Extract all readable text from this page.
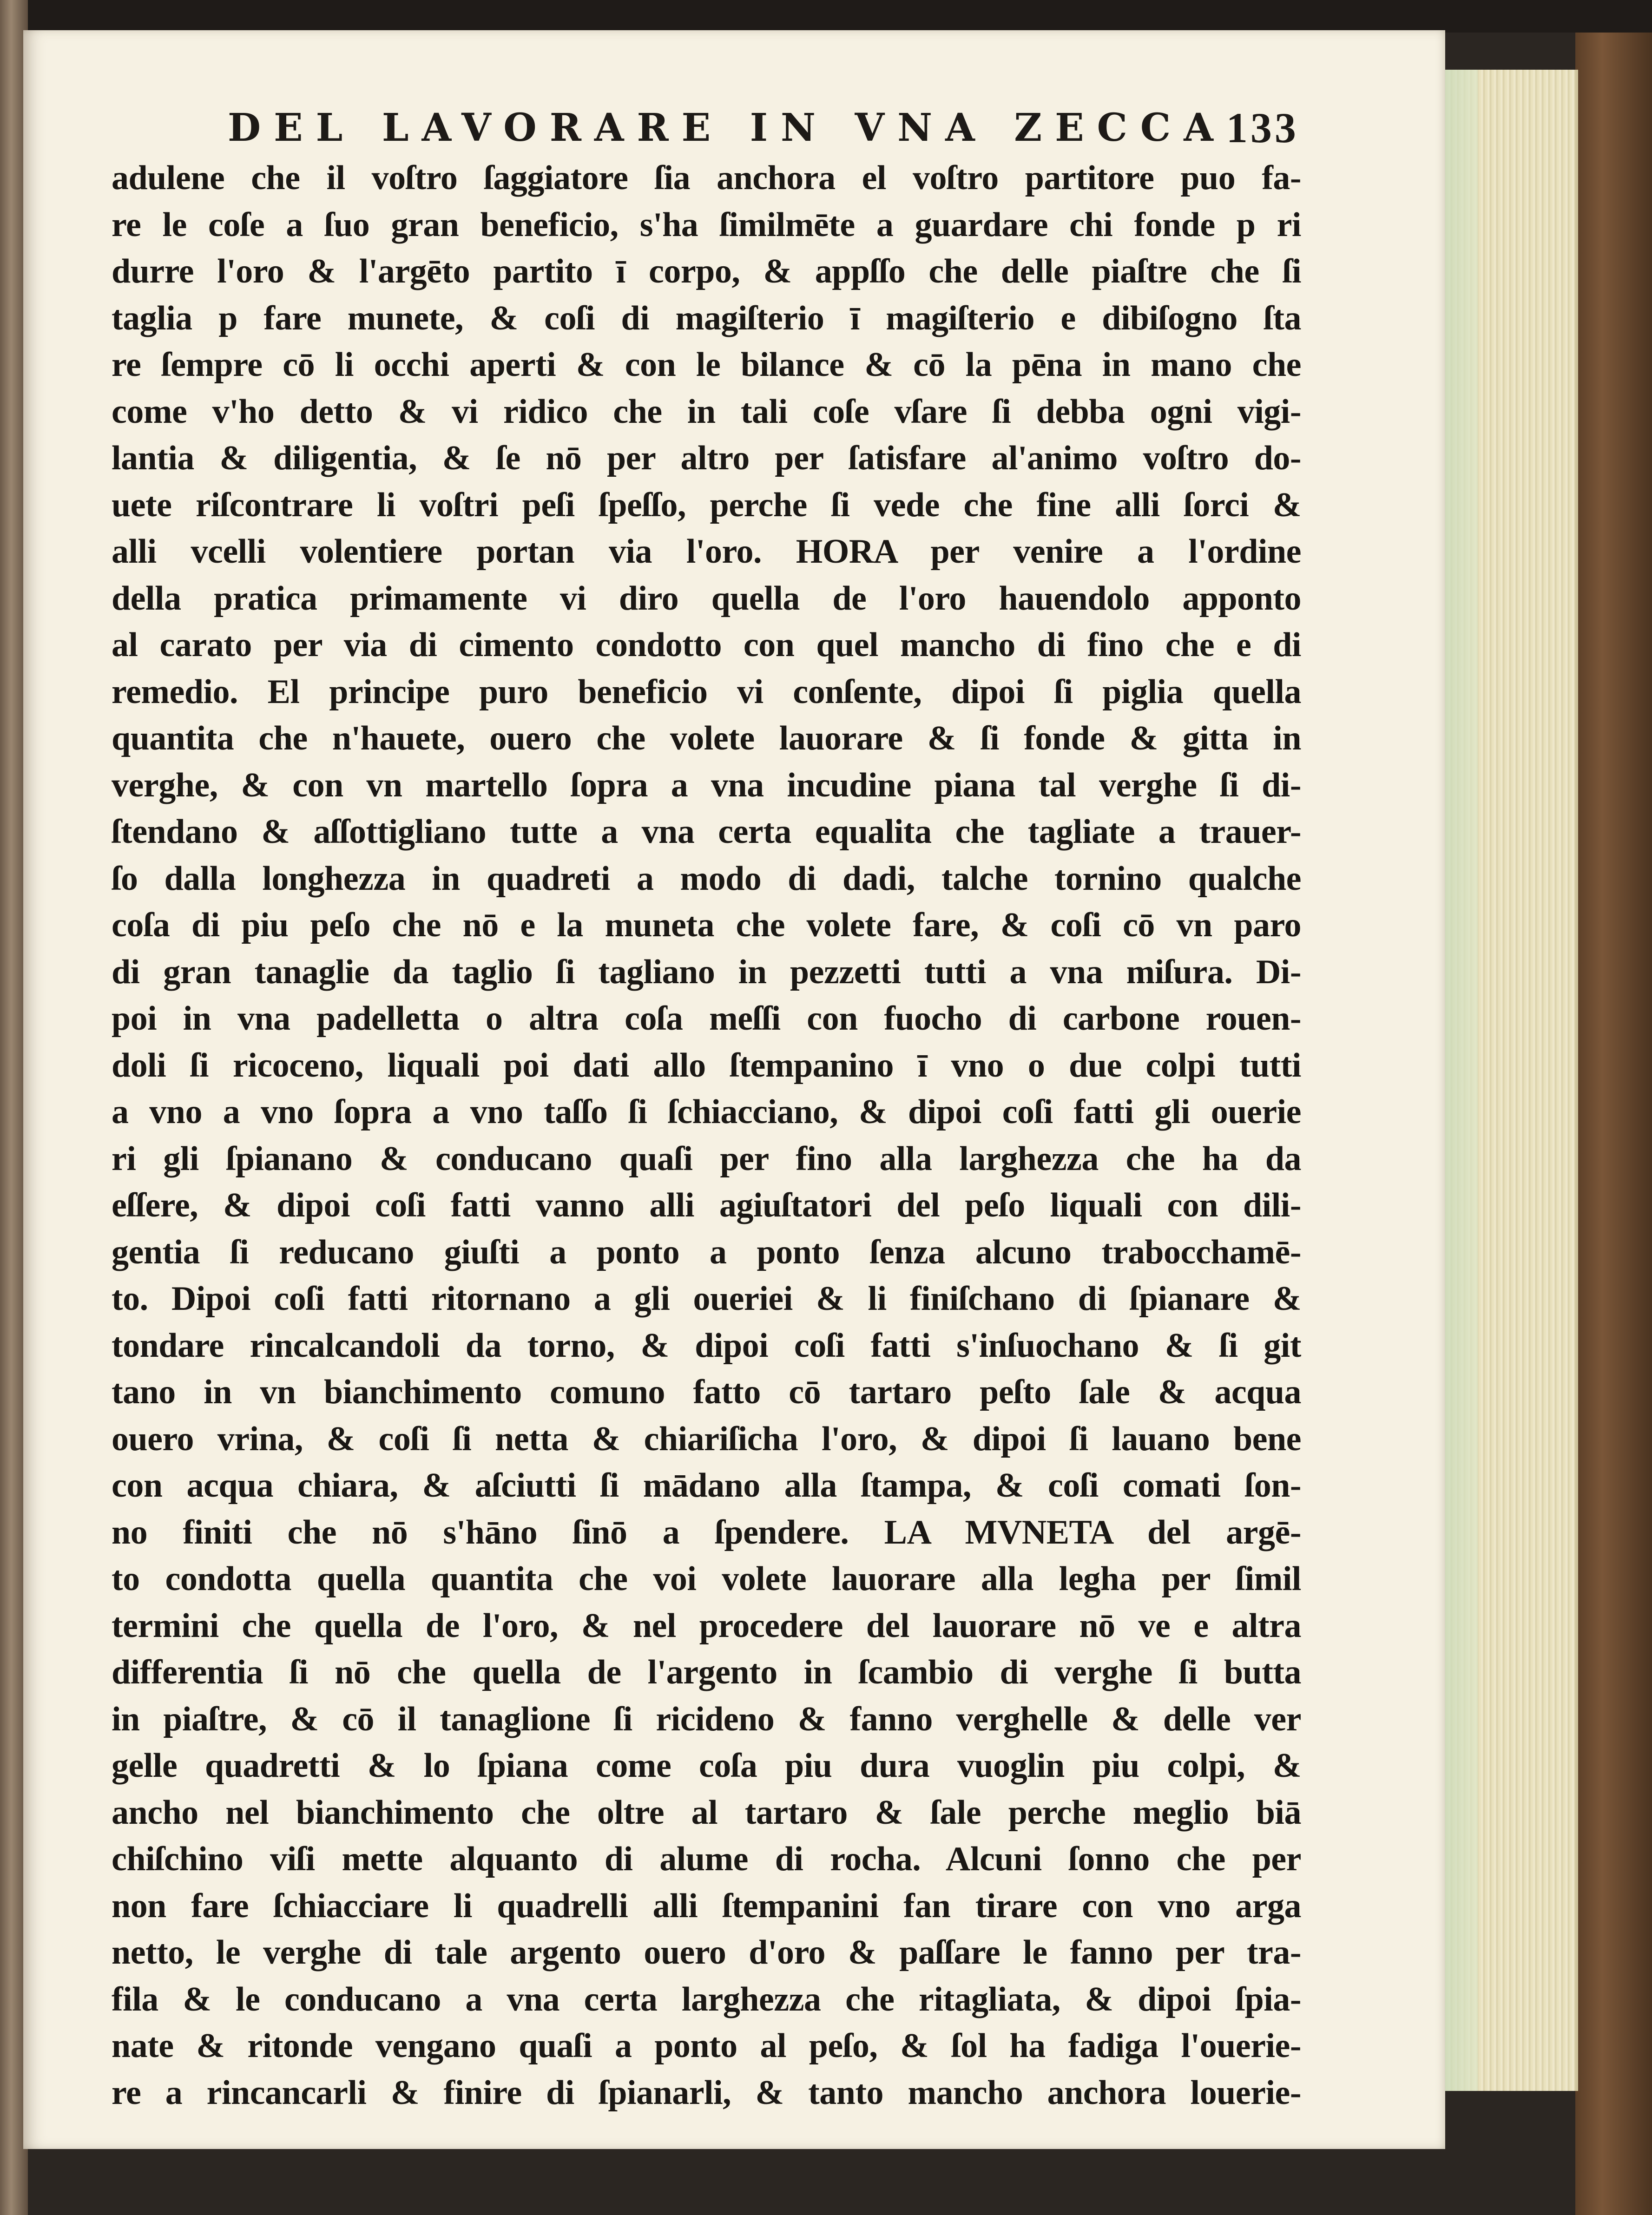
DEL LAVORARE IN VNA ZECCA 133
adulene che il voſtro ſaggiatore ſia anchora el voſtro partitore puo fa-
re le coſe a ſuo gran beneficio, s'ha ſimilmēte a guardare chi fonde p ri
durre l'oro & l'argēto partito ī corpo, & appſſo che delle piaſtre che ſi
taglia p fare munete, & coſi di magiſterio ī magiſterio e dibiſogno ſta
re ſempre cō li occhi aperti & con le bilance & cō la pēna in mano che
come v'ho detto & vi ridico che in tali coſe vſare ſi debba ogni vigi-
lantia & diligentia, & ſe nō per altro per ſatisfare al'animo voſtro do-
uete riſcontrare li voſtri peſi ſpeſſo, perche ſi vede che fine alli ſorci &
alli vcelli volentiere portan via l'oro. HORA per venire a l'ordine
della pratica primamente vi diro quella de l'oro hauendolo apponto
al carato per via di cimento condotto con quel mancho di fino che e di
remedio. El principe puro beneficio vi conſente, dipoi ſi piglia quella
quantita che n'hauete, ouero che volete lauorare & ſi fonde & gitta in
verghe, & con vn martello ſopra a vna incudine piana tal verghe ſi di-
ſtendano & aſſottigliano tutte a vna certa equalita che tagliate a trauer-
ſo dalla longhezza in quadreti a modo di dadi, talche tornino qualche
coſa di piu peſo che nō e la muneta che volete fare, & coſi cō vn paro
di gran tanaglie da taglio ſi tagliano in pezzetti tutti a vna miſura. Di-
poi in vna padelletta o altra coſa meſſi con fuocho di carbone rouen-
doli ſi ricoceno, liquali poi dati allo ſtempanino ī vno o due colpi tutti
a vno a vno ſopra a vno taſſo ſi ſchiacciano, & dipoi coſi fatti gli ouerie
ri gli ſpianano & conducano quaſi per fino alla larghezza che ha da
eſſere, & dipoi coſi fatti vanno alli agiuſtatori del peſo liquali con dili-
gentia ſi reducano giuſti a ponto a ponto ſenza alcuno trabocchamē-
to. Dipoi coſi fatti ritornano a gli oueriei & li finiſchano di ſpianare &
tondare rincalcandoli da torno, & dipoi coſi fatti s'inſuochano & ſi git
tano in vn bianchimento comuno fatto cō tartaro peſto ſale & acqua
ouero vrina, & coſi ſi netta & chiariſicha l'oro, & dipoi ſi lauano bene
con acqua chiara, & aſciutti ſi mādano alla ſtampa, & coſi comati ſon-
no finiti che nō s'hāno ſinō a ſpendere. LA MVNETA del argē-
to condotta quella quantita che voi volete lauorare alla legha per ſimil
termini che quella de l'oro, & nel procedere del lauorare nō ve e altra
differentia ſi nō che quella de l'argento in ſcambio di verghe ſi butta
in piaſtre, & cō il tanaglione ſi ricideno & fanno verghelle & delle ver
gelle quadretti & lo ſpiana come coſa piu dura vuoglin piu colpi, &
ancho nel bianchimento che oltre al tartaro & ſale perche meglio biā
chiſchino viſi mette alquanto di alume di rocha. Alcuni ſonno che per
non fare ſchiacciare li quadrelli alli ſtempanini fan tirare con vno arga
netto, le verghe di tale argento ouero d'oro & paſſare le fanno per tra-
fila & le conducano a vna certa larghezza che ritagliata, & dipoi ſpia-
nate & ritonde vengano quaſi a ponto al peſo, & ſol ha fadiga l'ouerie-
re a rincancarli & finire di ſpianarli, & tanto mancho anchora louerie-
